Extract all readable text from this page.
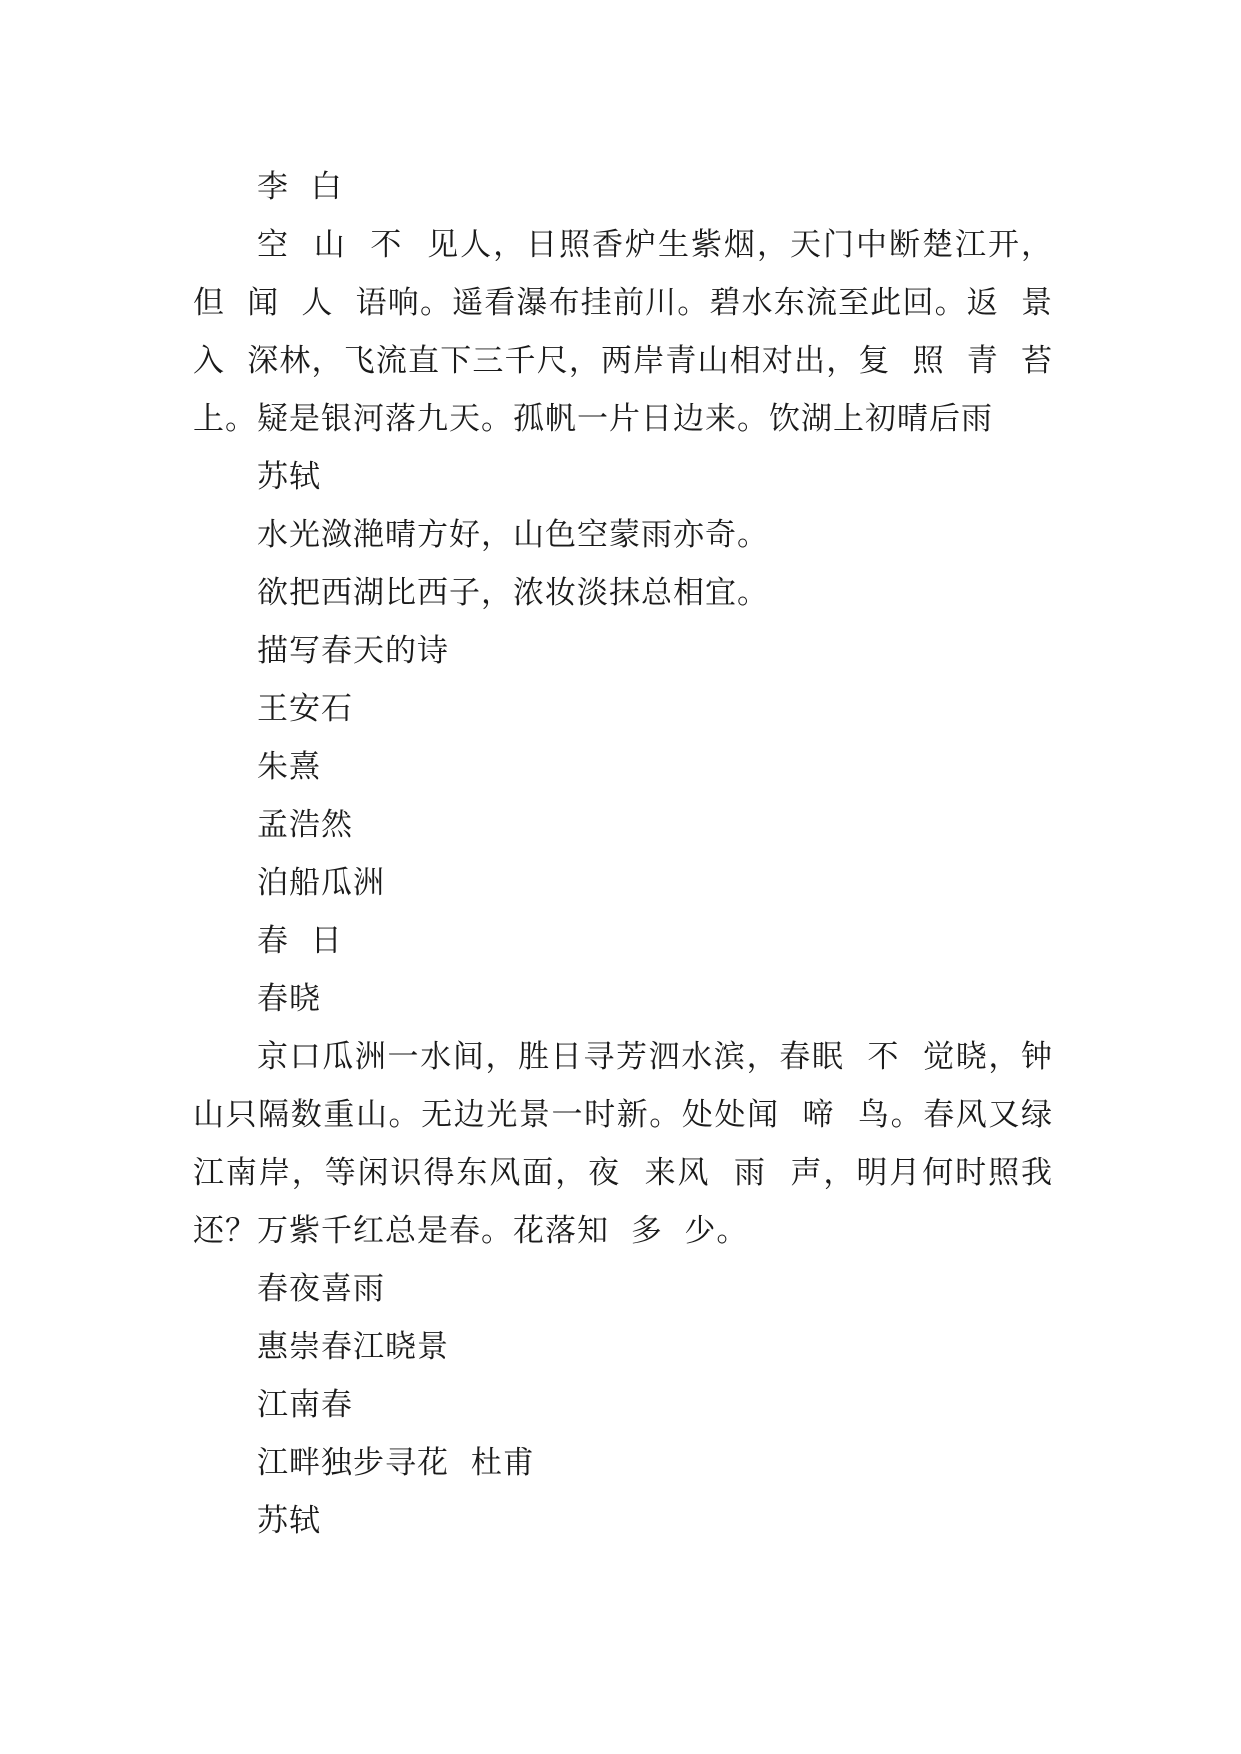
李  白
空  山  不  见人，日照香炉生紫烟，天门中断楚江开，但  闻  人  语响。遥看瀑布挂前川。碧水东流至此回。返  景入  深林，飞流直下三千尺，两岸青山相对出，复  照  青  苔上。疑是银河落九天。孤帆一片日边来。饮湖上初晴后雨
苏轼
水光潋滟晴方好，山色空蒙雨亦奇。
欲把西湖比西子，浓妆淡抹总相宜。
描写春天的诗
王安石
朱熹
孟浩然
泊船瓜洲
春  日
春晓
京口瓜洲一水间，胜日寻芳泗水滨，春眠  不  觉晓，钟山只隔数重山。无边光景一时新。处处闻  啼  鸟。春风又绿江南岸，等闲识得东风面，夜  来风  雨  声，明月何时照我还？万紫千红总是春。花落知  多  少。
春夜喜雨
惠崇春江晓景
江南春
江畔独步寻花  杜甫
苏轼
